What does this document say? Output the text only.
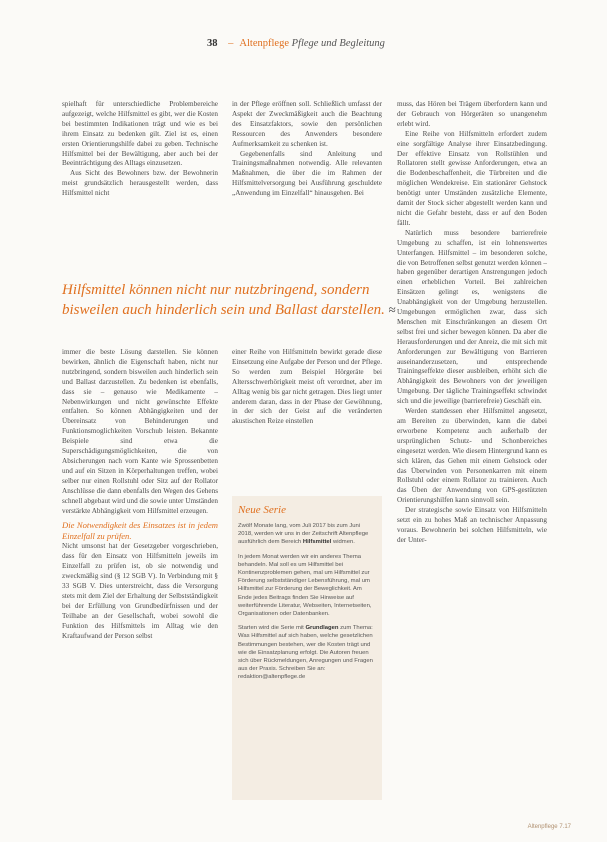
38 – Altenpflege Pflege und Begleitung

spielhaft für unterschiedliche Problembereiche aufgezeigt, welche Hilfsmittel es gibt, wer die Kosten bei bestimmten Indikationen trägt und wie es bei ihrem Einsatz zu bedenken gilt. Ziel ist es, einen ersten Orientierungshilfe dabei zu geben. Technische Hilfsmittel bei der Bewältigung, aber auch bei der Beeinträchtigung des Alltags einzusetzen.

Aus Sicht des Bewohners bzw. der Bewohnerin meist grundsätzlich herausgestellt werden, dass Hilfsmittel nicht

in der Pflege eröffnen soll. Schließlich umfasst der Aspekt der Zweckmäßigkeit auch die Beachtung des Einsatzfaktors, sowie den persönlichen Ressourcen des Anwenders besondere Aufmerksamkeit zu schenken ist.

Gegebenenfalls sind Anleitung und Trainingsmaßnahmen notwendig. Alle relevanten Maßnahmen, die über die im Rahmen der Hilfsmittelversorgung bei Ausführung geschuldete „Anwendung im Einzelfall“ hinausgehen. Bei

muss, das Hören bei Trägern überfordern kann und der Gebrauch von Hörgeräten so unangenehm erlebt wird.

Eine Reihe von Hilfsmitteln erfordert zudem eine sorgfältige Analyse ihrer Einsatzbedingung. Der effektive Einsatz von Rollstühlen und Rollatoren stellt gewisse Anforderungen, etwa an die Bodenbeschaffenheit, die Türbreiten und die möglichen Wendekreise. Ein stationärer Gehstock benötigt unter Umständen zusätzliche Elemente, damit der Stock sicher abgestellt werden kann und nicht die Gefahr besteht, dass er auf den Boden fällt.

Natürlich muss besondere barrierefreie Umgebung zu schaffen, ist ein lohnenswertes Unterfangen. Hilfsmittel – im besonderen solche, die von Betroffenen selbst genutzt werden können – haben gegenüber derartigen Anstrengungen jedoch einen erheblichen Vorteil. Bei zahlreichen Einsätzen gelingt es, wenigstens die Unabhängigkeit von der Umgebung herzustellen. Umgebungen ermöglichen zwar, dass sich Menschen mit Einschränkungen an diesem Ort selbst frei und sicher bewegen können. Da aber die Herausforderungen und der Anreiz, die mit sich mit Anforderungen zur Bewältigung von Barrieren auseinanderzusetzen, und entsprechende Trainingseffekte dieser ausbleiben, erhöht sich die Abhängigkeit des Bewohners von der jeweiligen Umgebung. Der tägliche Trainingseffekt schwindet sich und die jeweilige (barrierefreie) Geschäft ein.

Werden stattdessen eher Hilfsmittel angesetzt, am Bereiten zu überwinden, kann die dabei erworbene Kompetenz auch außerhalb der ursprünglichen Schutz- und Schonbereiches eingesetzt werden. Wie diesem Hintergrund kann es sich klären, das Gehen mit einem Gehstock oder das Überwinden von Personenkarren mit einem Rollstuhl oder einem Rollator zu trainieren. Auch das Üben der Anwendung von GPS-gestützten Orientierungshilfen kann sinnvoll sein.

Der strategische sowie Einsatz von Hilfsmitteln setzt ein zu hohes Maß an technischer Anpassung voraus. Bewohnerin bei solchen Hilfsmitteln, wie der Unter-

Hilfsmittel können nicht nur nutzbringend, sondern
bisweilen auch hinderlich sein und Ballast darstellen. ≈

immer die beste Lösung darstellen. Sie können bewirken, ähnlich die Eigenschaft haben, nicht nur nutzbringend, sondern bisweilen auch hinderlich sein und Ballast darzustellen. Zu bedenken ist ebenfalls, dass sie – genauso wie Medikamente – Nebenwirkungen und nicht gewünschte Effekte entfalten. So können Abhängigkeiten und der Übereinsatz von Behinderungen und Funktionsmoglichkeiten Vorschub leisten. Bekannte Beispiele sind etwa die Superschädigungsmöglichkeiten, die von Absicherungen nach vorn Kante wie Sprossenbetten und auf ein Sitzen in Körperhaltungen treffen, wobei selber nur einen Rollstuhl oder Sitz auf der Rollator Anschlüsse die dann ebenfalls den Wegen des Gehens schnell abgebaut wird und die sowie unter Umständen verstärkte Abhängigkeit vom Hilfsmittel erzeugen.

Die Notwendigkeit des Einsatzes ist in jedem Einzelfall zu prüfen.

Nicht umsonst hat der Gesetzgeber vorgeschrieben, dass für den Einsatz von Hilfsmitteln jeweils im Einzelfall zu prüfen ist, ob sie notwendig und zweckmäßig sind (§ 12 SGB V). In Verbindung mit § 33 SGB V. Dies unterstreicht, dass die Versorgung stets mit dem Ziel der Erhaltung der Selbstständigkeit bei der Erfüllung von Grundbedürfnissen und der Teilhabe an der Gesellschaft, wobei sowohl die Funktion des Hilfsmittels im Alltag wie den Kraftaufwand der Person selbst

einer Reihe von Hilfsmitteln bewirkt gerade diese Einsetzung eine Aufgabe der Person und der Pflege. So werden zum Beispiel Hörgeräte bei Altersschwerhörigkeit meist oft verordnet, aber im Alltag wenig bis gar nicht getragen. Dies liegt unter anderem daran, dass in der Phase der Gewöhnung, in der sich der Geist auf die veränderten akustischen Reize einstellen

Neue Serie

Zwölf Monate lang, vom Juli 2017 bis zum Juni 2018, werden wir uns in der Zeitschrift Altenpflege ausführlich dem Bereich Hilfsmittel widmen.

In jedem Monat werden wir ein anderes Thema behandeln. Mal soll es um Hilfsmittel bei Kontinenzproblemen gehen, mal um Hilfsmittel zur Förderung selbstständiger Lebensführung, mal um Hilfsmittel zur Förderung der Beweglichkeit. Am Ende jedes Beitrags finden Sie Hinweise auf weiterführende Literatur, Webseiten, Internetseiten, Organisationen oder Datenbanken.

Starten wird die Serie mit Grundlagen zum Thema: Was Hilfsmittel auf sich haben, welche gesetzlichen Bestimmungen bestehen, wer die Kosten trägt und wie die Einsatzplanung erfolgt. Die Autoren freuen sich über Rückmeldungen, Anregungen und Fragen aus der Praxis. Schreiben Sie an: redaktion@altenpflege.de

Altenpflege 7.17
